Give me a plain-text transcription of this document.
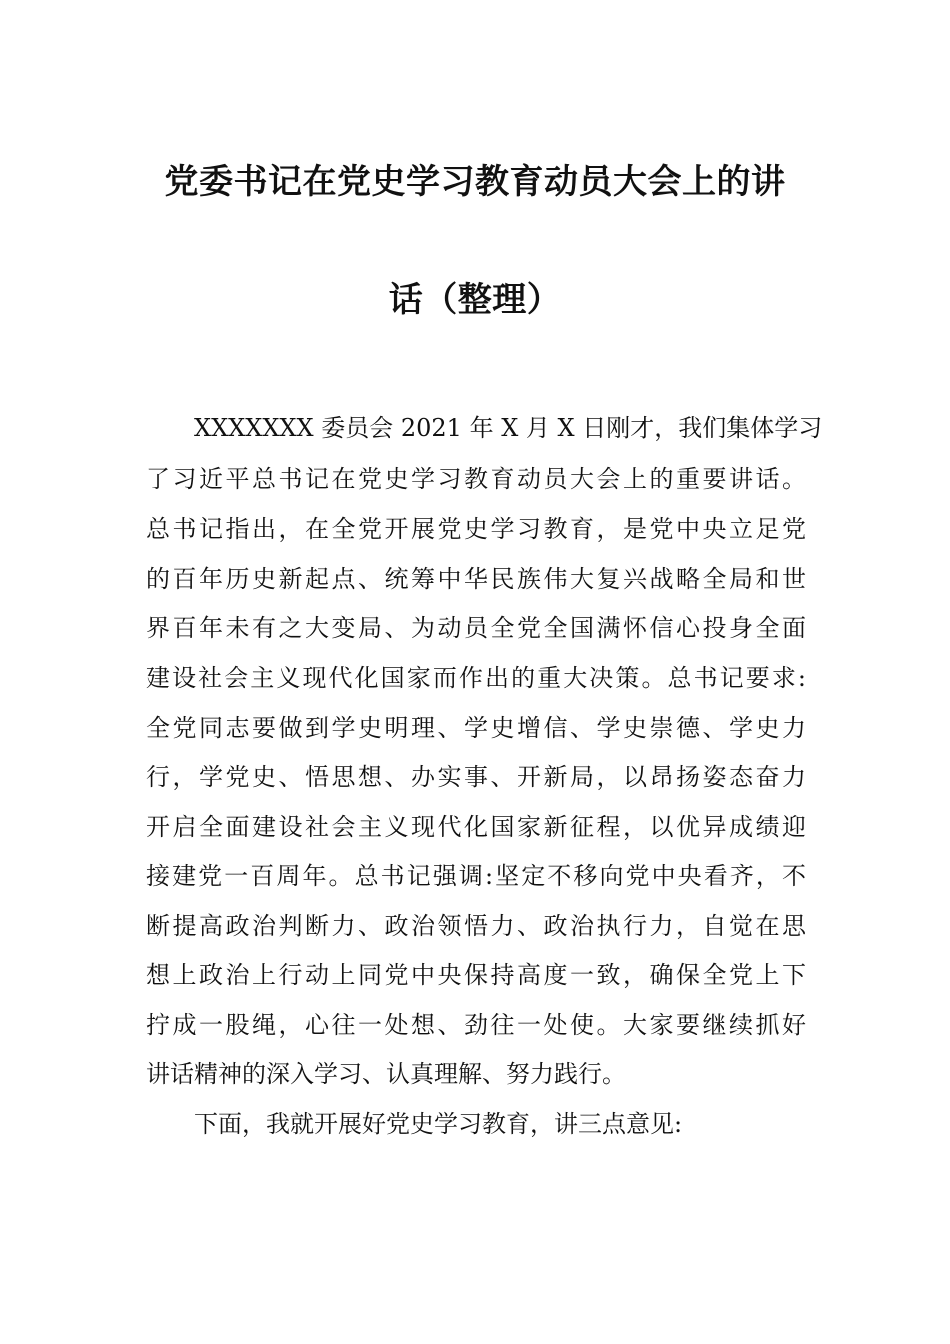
党委书记在党史学习教育动员大会上的讲
话（整理）
XXXXXXX 委员会 2021 年 X 月 X 日刚才，我们集体学习
了习近平总书记在党史学习教育动员大会上的重要讲话。
总书记指出，在全党开展党史学习教育，是党中央立足党
的百年历史新起点、统筹中华民族伟大复兴战略全局和世
界百年未有之大变局、为动员全党全国满怀信心投身全面
建设社会主义现代化国家而作出的重大决策。总书记要求:
全党同志要做到学史明理、学史增信、学史崇德、学史力
行，学党史、悟思想、办实事、开新局，以昂扬姿态奋力
开启全面建设社会主义现代化国家新征程，以优异成绩迎
接建党一百周年。总书记强调:坚定不移向党中央看齐，不
断提高政治判断力、政治领悟力、政治执行力，自觉在思
想上政治上行动上同党中央保持高度一致，确保全党上下
拧成一股绳，心往一处想、劲往一处使。大家要继续抓好
讲话精神的深入学习、认真理解、努力践行。
下面，我就开展好党史学习教育，讲三点意见:
